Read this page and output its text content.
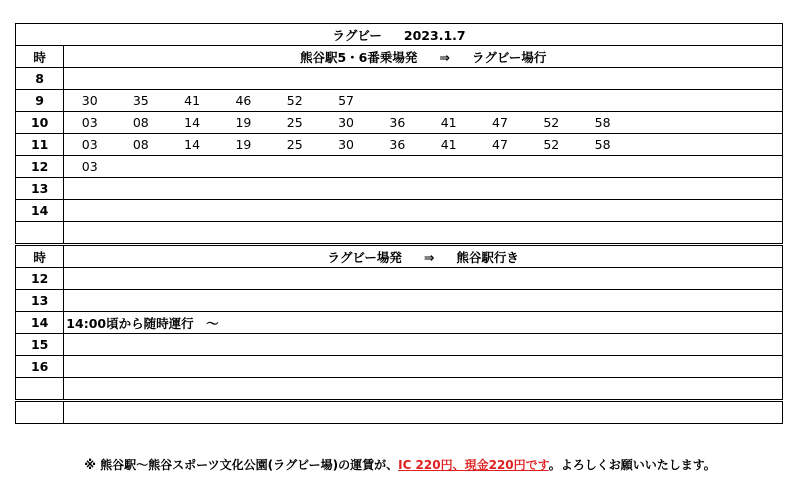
ラグビー 2023.1.7														
時	熊谷駅5・6番乗場発 ⇒ ラグビー場行													
8														
9	30	35	41	46	52	57								
10	03	08	14	19	25	30	36	41	47	52	58			
11	03	08	14	19	25	30	36	41	47	52	58			
12	03													
13														
14														

時	ラグビー場発 ⇒ 熊谷駅行き													
12														
13														
14	14:00頃から随時運行　～													
15														
16														

※ 熊谷駅～熊谷スポーツ文化公園(ラグビー場)の運賃が、IC 220円、現金220円です。よろしくお願いいたします。
